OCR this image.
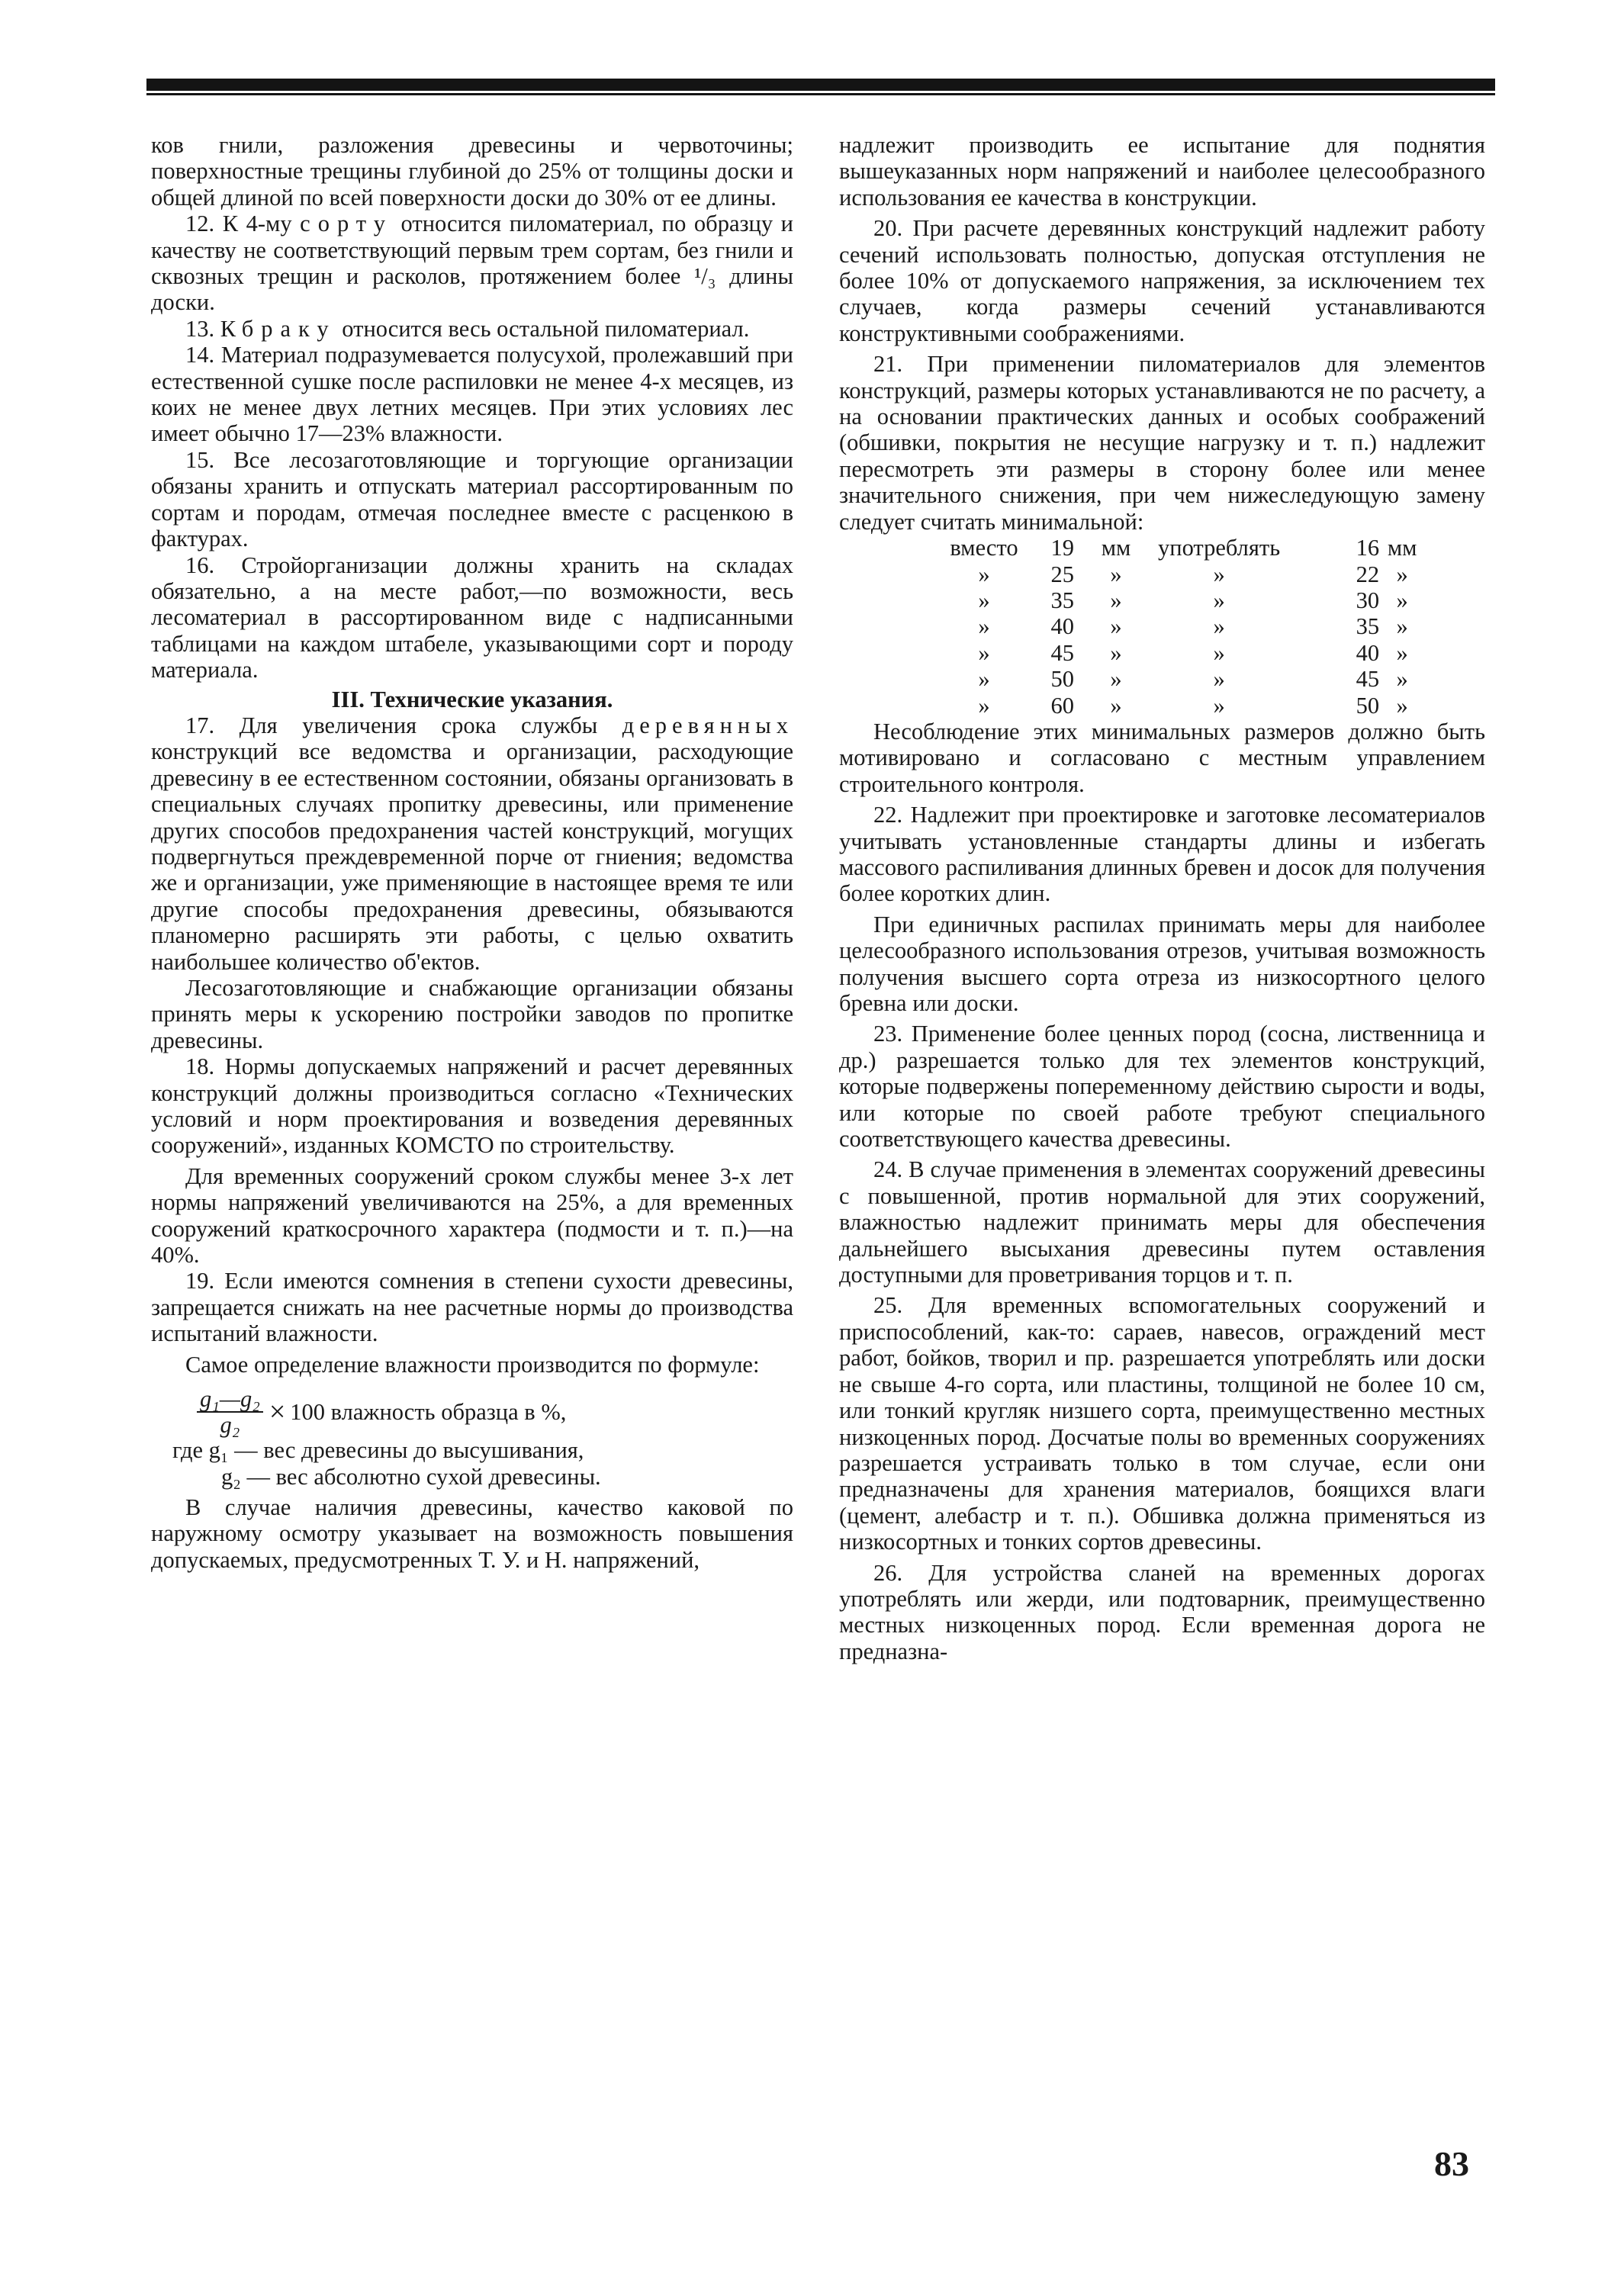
ков гнили, разложения древесины и червоточины; поверхностные трещины глубиной до 25% от толщины доски и общей длиной по всей поверхности доски до 30% от ее длины.

12. К 4-му сорту относится пиломатериал, по образцу и качеству не соответствующий первым трем сортам, без гнили и сквозных трещин и расколов, протяжением более ¹/₃ длины доски.

13. К браку относится весь остальной пиломатериал.

14. Материал подразумевается полусухой, пролежавший при естественной сушке после распиловки не менее 4-х месяцев, из коих не менее двух летних месяцев. При этих условиях лес имеет обычно 17—23% влажности.

15. Все лесозаготовляющие и торгующие организации обязаны хранить и отпускать материал рассортированным по сортам и породам, отмечая последнее вместе с расценкою в фактурах.

16. Стройорганизации должны хранить на складах обязательно, а на месте работ,—по возможности, весь лесоматериал в рассортированном виде с надписанными таблицами на каждом штабеле, указывающими сорт и породу материала.

III. Технические указания.

17. Для увеличения срока службы деревянных конструкций все ведомства и организации, расходующие древесину в ее естественном состоянии, обязаны организовать в специальных случаях пропитку древесины, или применение других способов предохранения частей конструкций, могущих подвергнуться преждевременной порче от гниения; ведомства же и организации, уже применяющие в настоящее время те или другие способы предохранения древесины, обязываются планомерно расширять эти работы, с целью охватить наибольшее количество об'ектов.

Лесозаготовляющие и снабжающие организации обязаны принять меры к ускорению постройки заводов по пропитке древесины.

18. Нормы допускаемых напряжений и расчет деревянных конструкций должны производиться согласно «Технических условий и норм проектирования и возведения деревянных сооружений», изданных КОМСТО по строительству.

Для временных сооружений сроком службы менее 3-х лет нормы напряжений увеличиваются на 25%, а для временных сооружений краткосрочного характера (подмости и т. п.)—на 40%.

19. Если имеются сомнения в степени сухости древесины, запрещается снижать на нее расчетные нормы до производства испытаний влажности.

Самое определение влажности производится по формуле:

$\frac{\text{g₁—g₂}}{\text{g₂}} \times 100$ влажность образца в %,
где g₁ — вес древесины до высушивания,
g₂ — вес абсолютно сухой древесины.

В случае наличия древесины, качество каковой по наружному осмотру указывает на возможность повышения допускаемых, предусмотренных Т. У. и Н. напряжений,

надлежит производить ее испытание для поднятия вышеуказанных норм напряжений и наиболее целесообразного использования ее качества в конструкции.

20. При расчете деревянных конструкций надлежит работу сечений использовать полностью, допуская отступления не более 10% от допускаемого напряжения, за исключением тех случаев, когда размеры сечений устанавливаются конструктивными соображениями.

21. При применении пиломатериалов для элементов конструкций, размеры которых устанавливаются не по расчету, а на основании практических данных и особых соображений (обшивки, покрытия не несущие нагрузку и т. п.) надлежит пересмотреть эти размеры в сторону более или менее значительного снижения, при чем нижеследующую замену следует считать минимальной:

вместо	19	мм	употреблять	16	мм
»	25	»	»	22	»
»	35	»	»	30	»
»	40	»	»	35	»
»	45	»	»	40	»
»	50	»	»	45	»
»	60	»	»	50	»

Несоблюдение этих минимальных размеров должно быть мотивировано и согласовано с местным управлением строительного контроля.

22. Надлежит при проектировке и заготовке лесоматериалов учитывать установленные стандарты длины и избегать массового распиливания длинных бревен и досок для получения более коротких длин.

При единичных распилах принимать меры для наиболее целесообразного использования отрезов, учитывая возможность получения высшего сорта отреза из низкосортного целого бревна или доски.

23. Применение более ценных пород (сосна, лиственница и др.) разрешается только для тех элементов конструкций, которые подвержены попеременному действию сырости и воды, или которые по своей работе требуют специального соответствующего качества древесины.

24. В случае применения в элементах сооружений древесины с повышенной, против нормальной для этих сооружений, влажностью надлежит принимать меры для обеспечения дальнейшего высыхания древесины путем оставления доступными для проветривания торцов и т. п.

25. Для временных вспомогательных сооружений и приспособлений, как-то: сараев, навесов, ограждений мест работ, бойков, творил и пр. разрешается употреблять или доски не свыше 4-го сорта, или пластины, толщиной не более 10 см, или тонкий кругляк низшего сорта, преимущественно местных низкоценных пород. Досчатые полы во временных сооружениях разрешается устраивать только в том случае, если они предназначены для хранения материалов, боящихся влаги (цемент, алебастр и т. п.). Обшивка должна применяться из низкосортных и тонких сортов древесины.

26. Для устройства сланей на временных дорогах употреблять или жерди, или подтоварник, преимущественно местных низкоценных пород. Если временная дорога не предназна-

83
